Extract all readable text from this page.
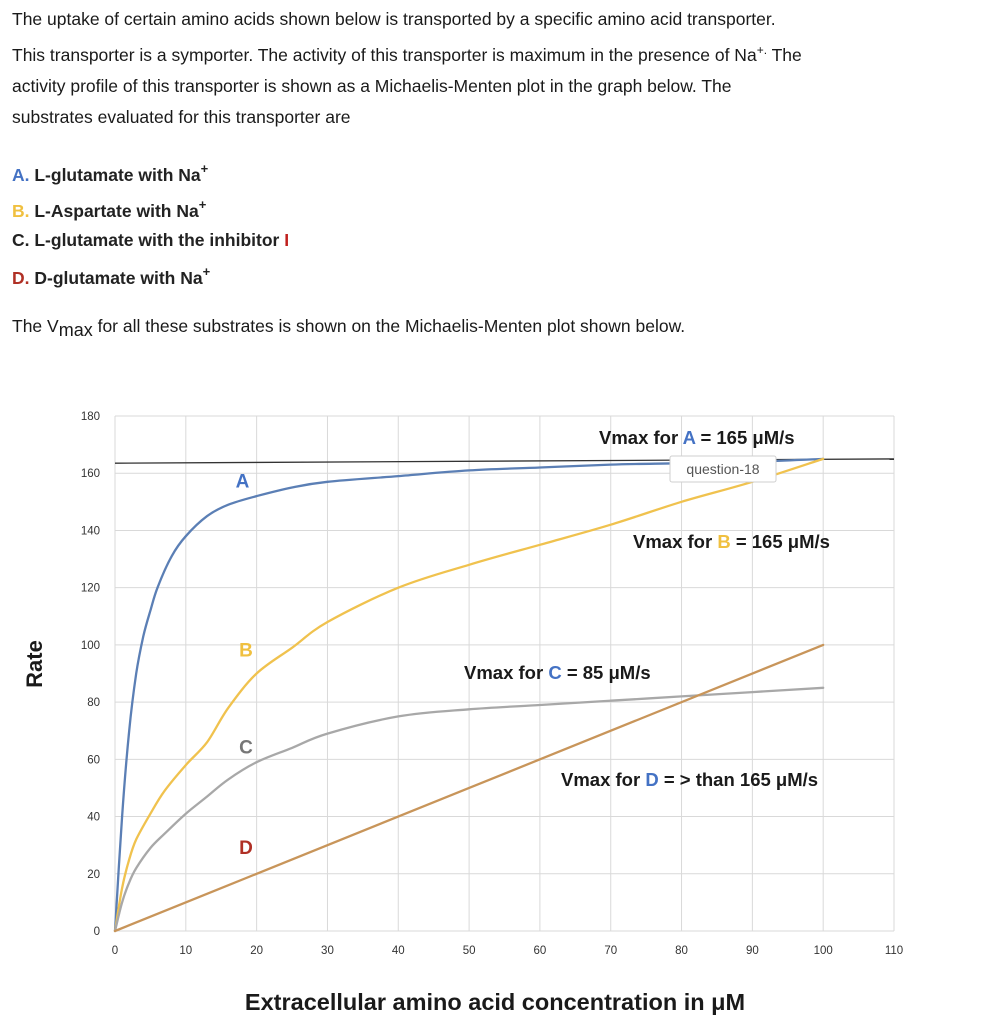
The uptake of certain amino acids shown below is transported by a specific amino acid transporter.

This transporter is a symporter. The activity of this transporter is maximum in the presence of Na+. The

activity profile of this transporter is shown as a Michaelis-Menten plot in the graph below. The

substrates evaluated for this transporter are

A. L-glutamate with Na+
B. L-Aspartate with Na+
C. L-glutamate with the inhibitor I
D. D-glutamate with Na+
The Vmax for all these substrates is shown on the Michaelis-Menten plot shown below.
0
20
40
60
80
100
120
140
160
180
0	10	20	30	40	50	60	70	80	90	100	110
A
B
C
D
Rate
Extracellular amino acid concentration in μM
Vmax for A = 165 μM/s
Vmax for B = 165 μM/s
Vmax for C = 85 μM/s
Vmax for D = > than 165 μM/s
question-18
